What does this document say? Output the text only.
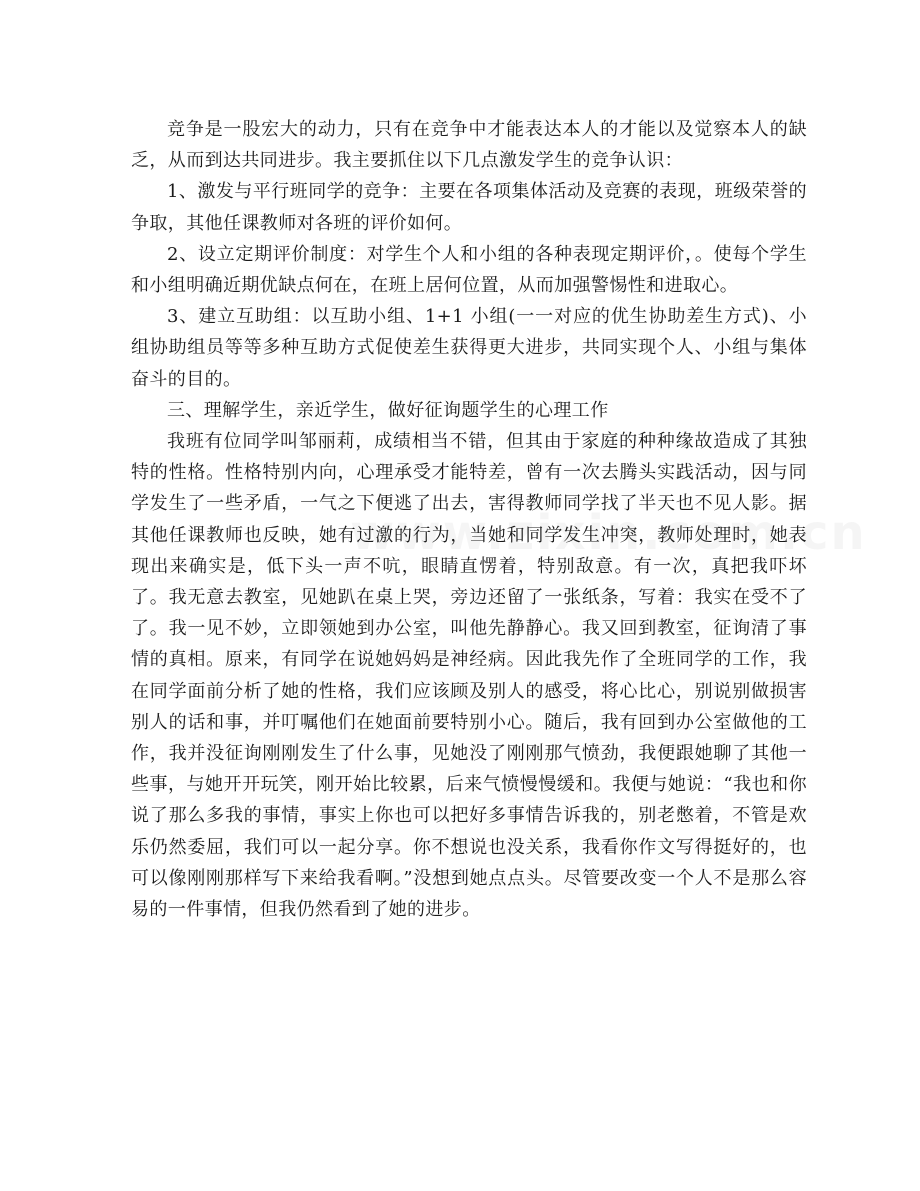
竞争是一股宏大的动力，只有在竞争中才能表达本人的才能以及觉察本人的缺乏，从而到达共同进步。我主要抓住以下几点激发学生的竞争认识：

1、激发与平行班同学的竞争：主要在各项集体活动及竞赛的表现，班级荣誉的争取，其他任课教师对各班的评价如何。

2、设立定期评价制度：对学生个人和小组的各种表现定期评价，。使每个学生和小组明确近期优缺点何在，在班上居何位置，从而加强警惕性和进取心。

3、建立互助组：以互助小组、1+1 小组(一一对应的优生协助差生方式)、小组协助组员等等多种互助方式促使差生获得更大进步，共同实现个人、小组与集体奋斗的目的。

三、理解学生，亲近学生，做好征询题学生的心理工作

我班有位同学叫邹丽莉，成绩相当不错，但其由于家庭的种种缘故造成了其独特的性格。性格特别内向，心理承受才能特差，曾有一次去腾头实践活动，因与同学发生了一些矛盾，一气之下便逃了出去，害得教师同学找了半天也不见人影。据其他任课教师也反映，她有过激的行为，当她和同学发生冲突，教师处理时，她表现出来确实是，低下头一声不吭，眼睛直愣着，特别敌意。有一次，真把我吓坏了。我无意去教室，见她趴在桌上哭，旁边还留了一张纸条，写着：我实在受不了了。我一见不妙，立即领她到办公室，叫他先静静心。我又回到教室，征询清了事情的真相。原来，有同学在说她妈妈是神经病。因此我先作了全班同学的工作，我在同学面前分析了她的性格，我们应该顾及别人的感受，将心比心，别说别做损害别人的话和事，并叮嘱他们在她面前要特别小心。随后，我有回到办公室做他的工作，我并没征询刚刚发生了什么事，见她没了刚刚那气愤劲，我便跟她聊了其他一些事，与她开开玩笑，刚开始比较累，后来气愤慢慢缓和。我便与她说：“我也和你说了那么多我的事情，事实上你也可以把好多事情告诉我的，别老憋着，不管是欢乐仍然委屈，我们可以一起分享。你不想说也没关系，我看你作文写得挺好的，也可以像刚刚那样写下来给我看啊。”没想到她点点头。尽管要改变一个人不是那么容易的一件事情，但我仍然看到了她的进步。
